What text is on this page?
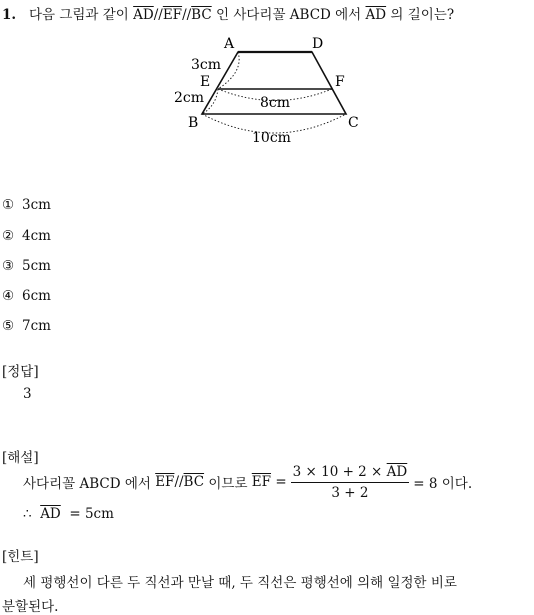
1. 다음 그림과 같이 $\overline{AD}//\overline{EF}//\overline{BC}$ 인 사다리꼴 ABCD 에서 $\overline{AD}$ 의 길이는?
A	D
E	F
B	C
3cm
2cm	8cm
10cm
① 3cm
② 4cm
③ 5cm
④ 6cm
⑤ 7cm
[정답]
3
[해설]
사다리꼴 ABCD 에서
$\overline{EF} // \overline{BC}$
이므로
$\overline{EF}$
= $\frac{3 \times 10 + 2 \times \overline{AD}}{3 + 2} = 8$ 이다.
∴ $\overline{AD} = 5cm$
[힌트]
세 평행선이 다른 두 직선과 만날 때, 두 직선은 평행선에 의해 일정한 비로
분할된다.
